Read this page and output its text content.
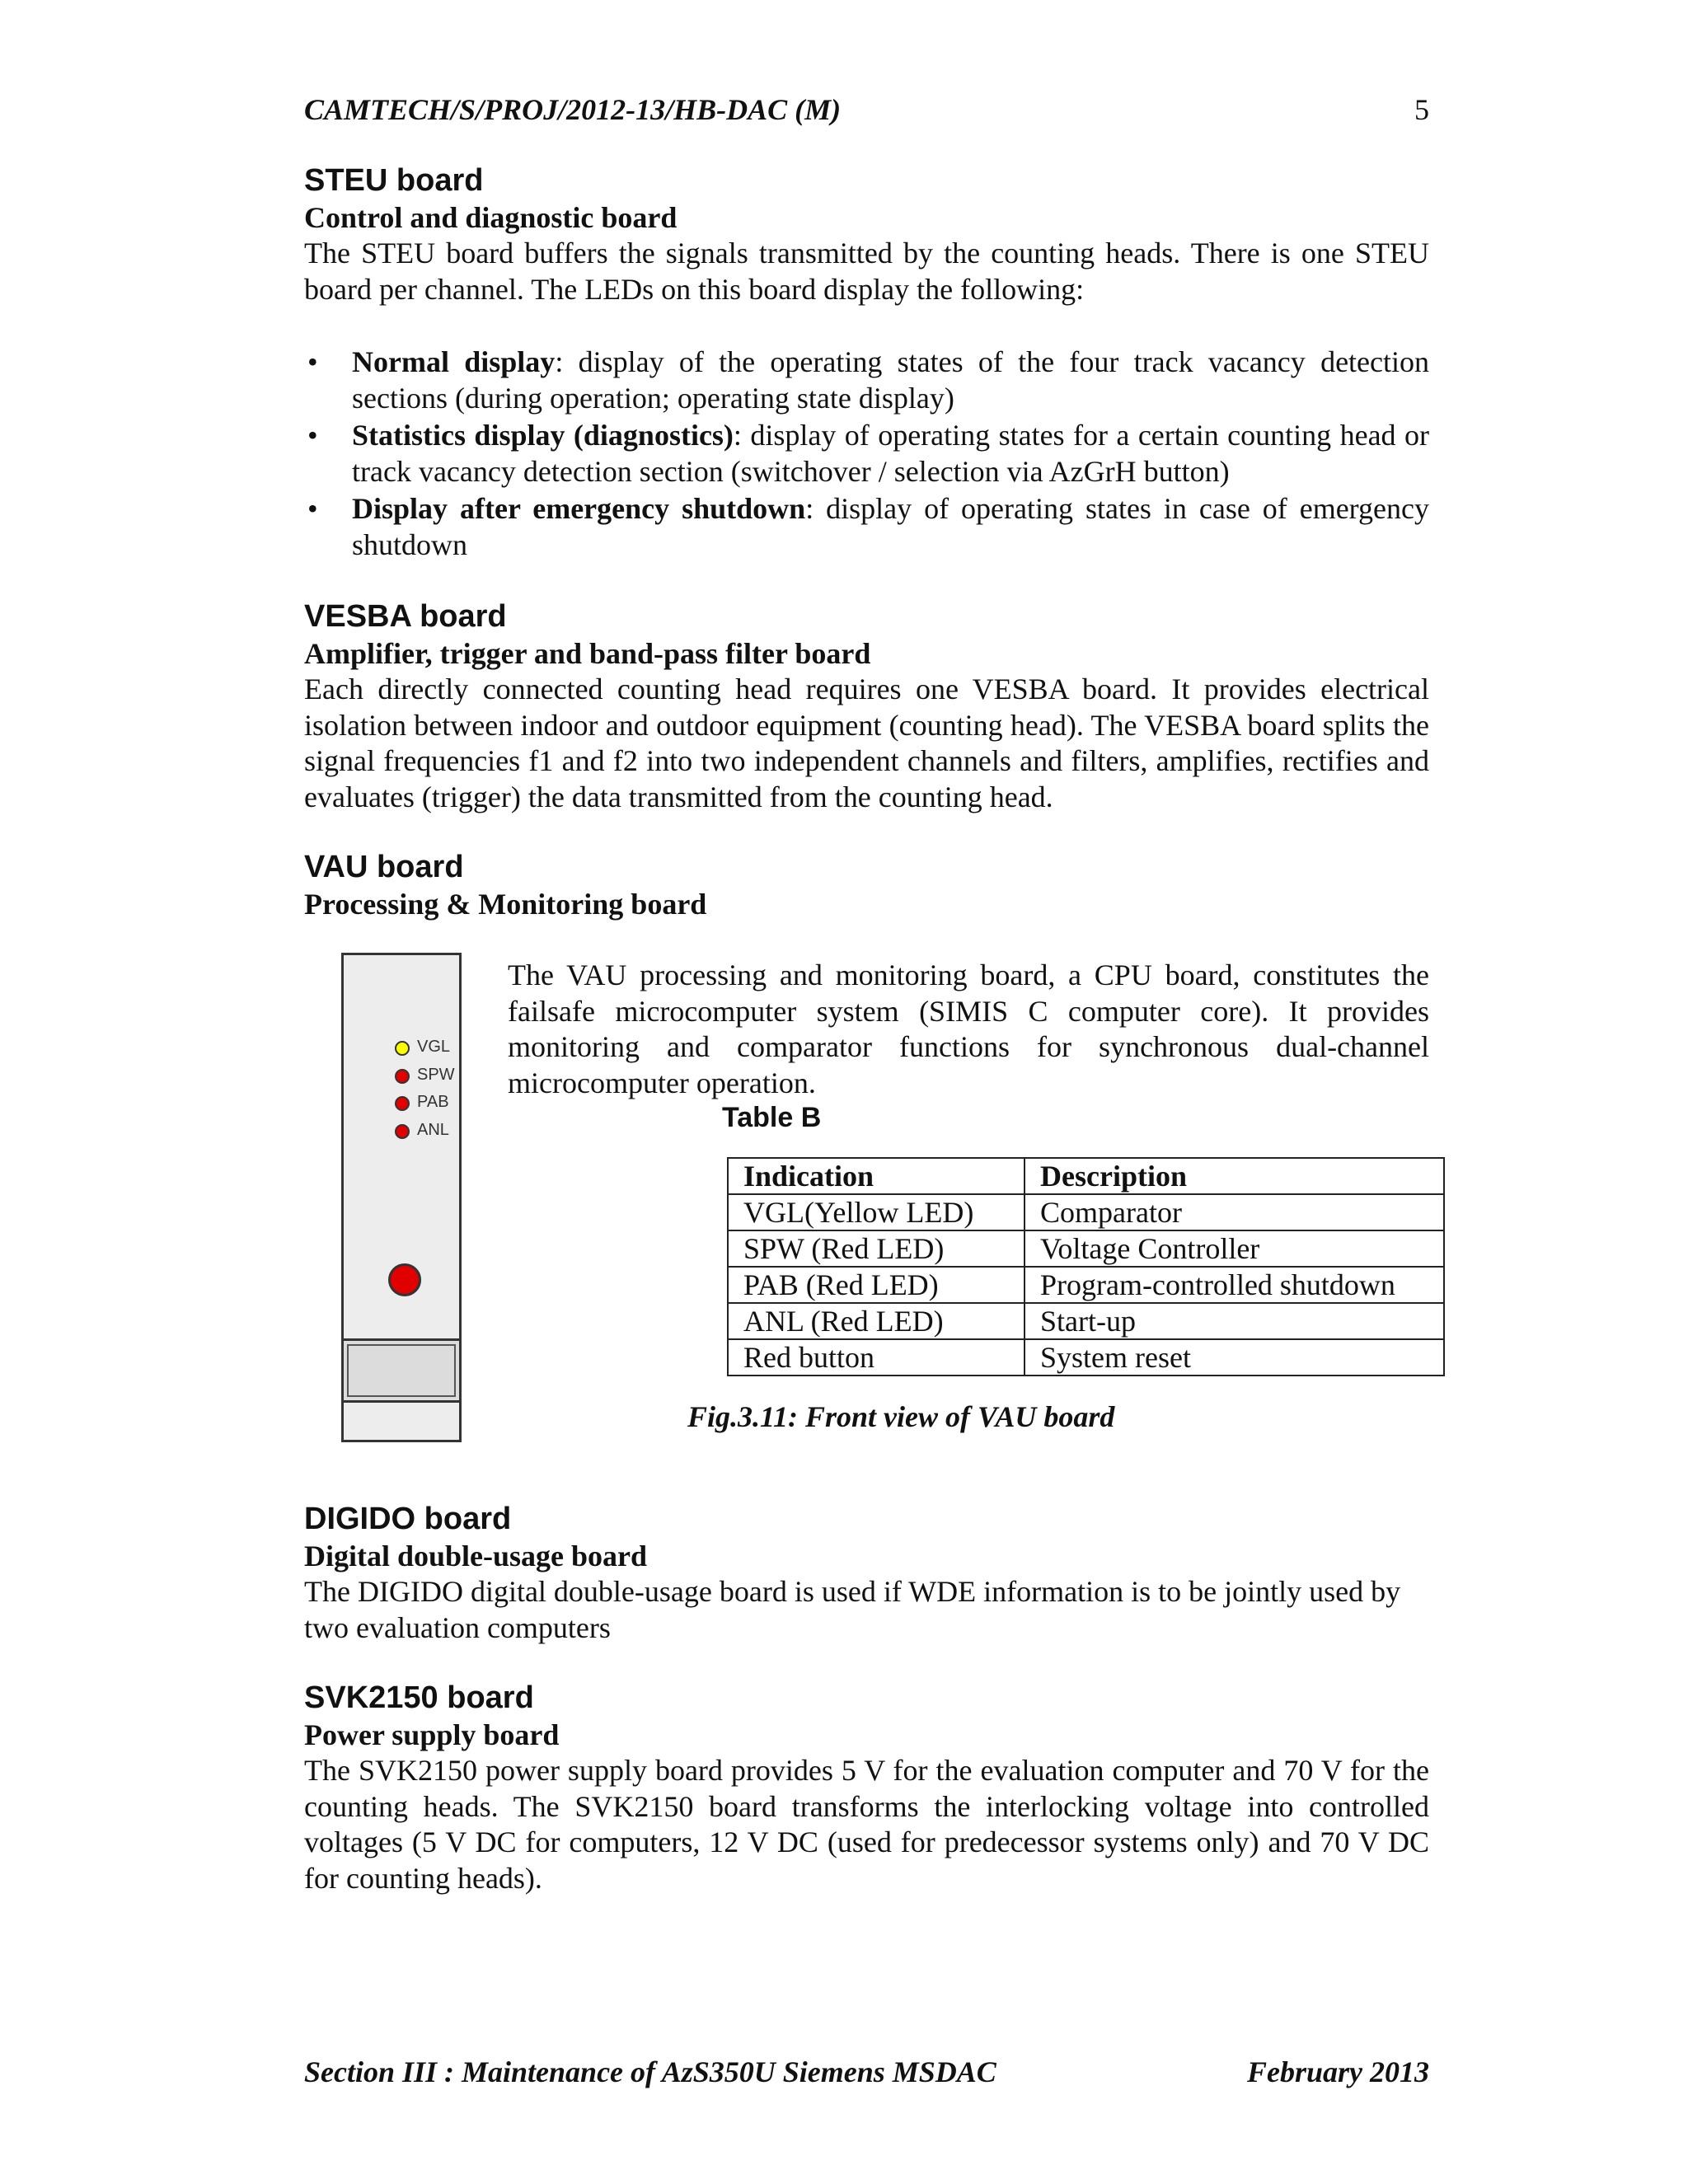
CAMTECH/S/PROJ/2012-13/HB-DAC (M)	5
STEU board
Control and diagnostic board

The STEU board buffers the signals transmitted by the counting heads. There is one STEU board per channel. The LEDs on this board display the following:

• Normal display: display of the operating states of the four track vacancy detection sections (during operation; operating state display)
• Statistics display (diagnostics): display of operating states for a certain counting head or track vacancy detection section (switchover / selection via AzGrH button)
• Display after emergency shutdown: display of operating states in case of emergency shutdown
VESBA board
Amplifier, trigger and band-pass filter board

Each directly connected counting head requires one VESBA board. It provides electrical isolation between indoor and outdoor equipment (counting head). The VESBA board splits the signal frequencies f1 and f2 into two independent channels and filters, amplifies, rectifies and evaluates (trigger) the data transmitted from the counting head.

VAU board
Processing & Monitoring board
VGL
SPW
PAB
ANL

The VAU processing and monitoring board, a CPU board, constitutes the failsafe microcomputer system (SIMIS C computer core). It provides monitoring and comparator functions for synchronous dual-channel microcomputer operation.

Table B
Indication	Description
VGL(Yellow LED)	Comparator
SPW (Red LED)	Voltage Controller
PAB (Red LED)	Program-controlled shutdown
ANL (Red LED)	Start-up
Red button	System reset
Fig.3.11: Front view of VAU board
DIGIDO board
Digital double-usage board

The DIGIDO digital double-usage board is used if WDE information is to be jointly used by two evaluation computers

SVK2150 board
Power supply board

The SVK2150 power supply board provides 5 V for the evaluation computer and 70 V for the counting heads. The SVK2150 board transforms the interlocking voltage into controlled voltages (5 V DC for computers, 12 V DC (used for predecessor systems only) and 70 V DC for counting heads).

Section III : Maintenance of AzS350U Siemens MSDAC	February 2013
